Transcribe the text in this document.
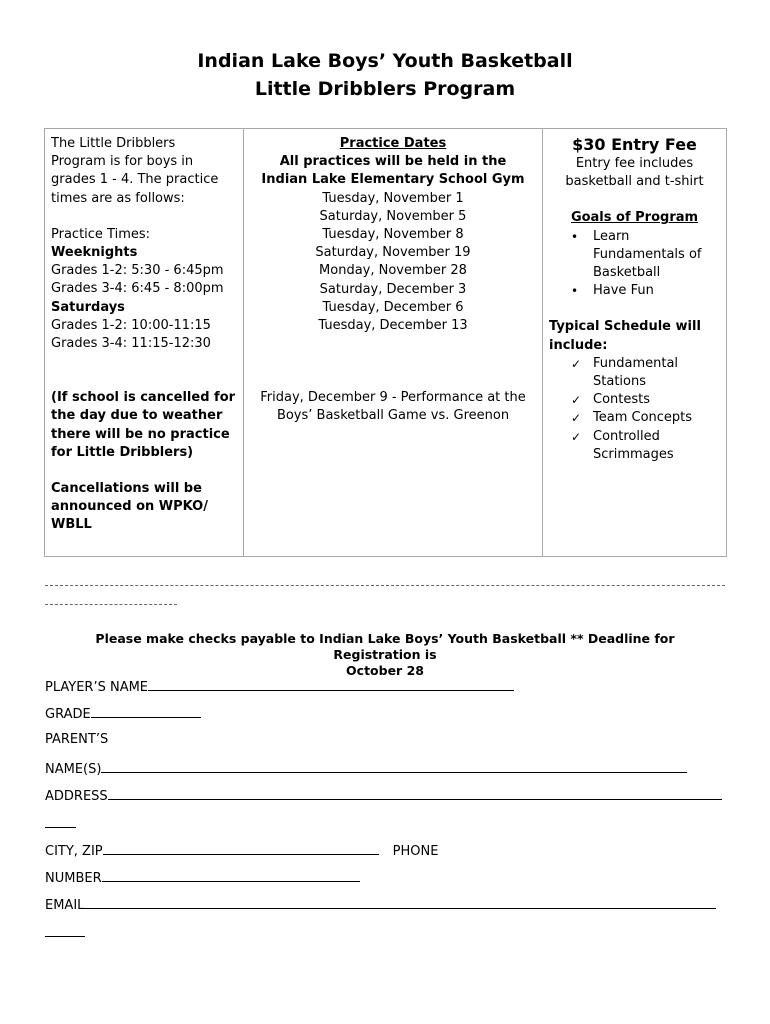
Indian Lake Boys’ Youth Basketball
Little Dribblers Program
The Little Dribblers
Program is for boys in
grades 1 - 4. The practice
times are as follows:
Practice Times:
Weeknights
Grades 1-2: 5:30 - 6:45pm
Grades 3-4: 6:45 - 8:00pm
Saturdays
Grades 1-2: 10:00-11:15
Grades 3-4: 11:15-12:30
(If school is cancelled for
the day due to weather
there will be no practice
for Little Dribblers)
Cancellations will be
announced on WPKO/
WBLL

Practice Dates
All practices will be held in the
Indian Lake Elementary School Gym
Tuesday, November 1
Saturday, November 5
Tuesday, November 8
Saturday, November 19
Monday, November 28
Saturday, December 3
Tuesday, December 6
Tuesday, December 13
Friday, December 9 - Performance at the
Boys’ Basketball Game vs. Greenon

$30 Entry Fee
Entry fee includes
basketball and t-shirt
Goals of Program
• Learn
Fundamentals of
Basketball
• Have Fun
Typical Schedule will
include:
✓ Fundamental
Stations
✓ Contests
✓ Team Concepts
✓ Controlled
Scrimmages
Please make checks payable to Indian Lake Boys’ Youth Basketball ** Deadline for Registration is
October 28
PLAYER’S NAME
GRADE
PARENT’S
NAME(S)
ADDRESS
CITY, ZIP	PHONE
NUMBER
EMAIL
